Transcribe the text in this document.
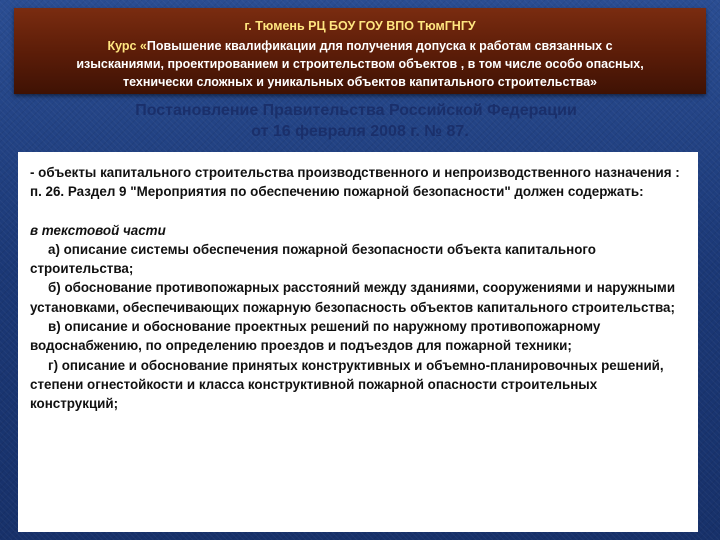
г. Тюмень РЦ БОУ ГОУ ВПО ТюмГНГУ
Курс «Повышение квалификации для получения допуска к работам связанных с
изысканиями, проектированием и строительством объектов , в том числе особо опасных,
технически сложных и уникальных объектов капитального строительства»
Постановление Правительства Российской Федерации
от 16 февраля 2008 г. № 87.

- объекты капитального строительства производственного и непроизводственного назначения :

п. 26. Раздел 9 "Мероприятия по обеспечению пожарной безопасности" должен содержать:

в текстовой части

а) описание системы обеспечения пожарной безопасности объекта капитального строительства;

б) обоснование противопожарных расстояний между зданиями, сооружениями и наружными установками, обеспечивающих пожарную безопасность объектов капитального строительства;

в) описание и обоснование проектных решений по наружному противопожарному водоснабжению, по определению проездов и подъездов для пожарной техники;

г) описание и обоснование принятых конструктивных и объемно-планировочных решений, степени огнестойкости и класса конструктивной пожарной опасности строительных конструкций;
